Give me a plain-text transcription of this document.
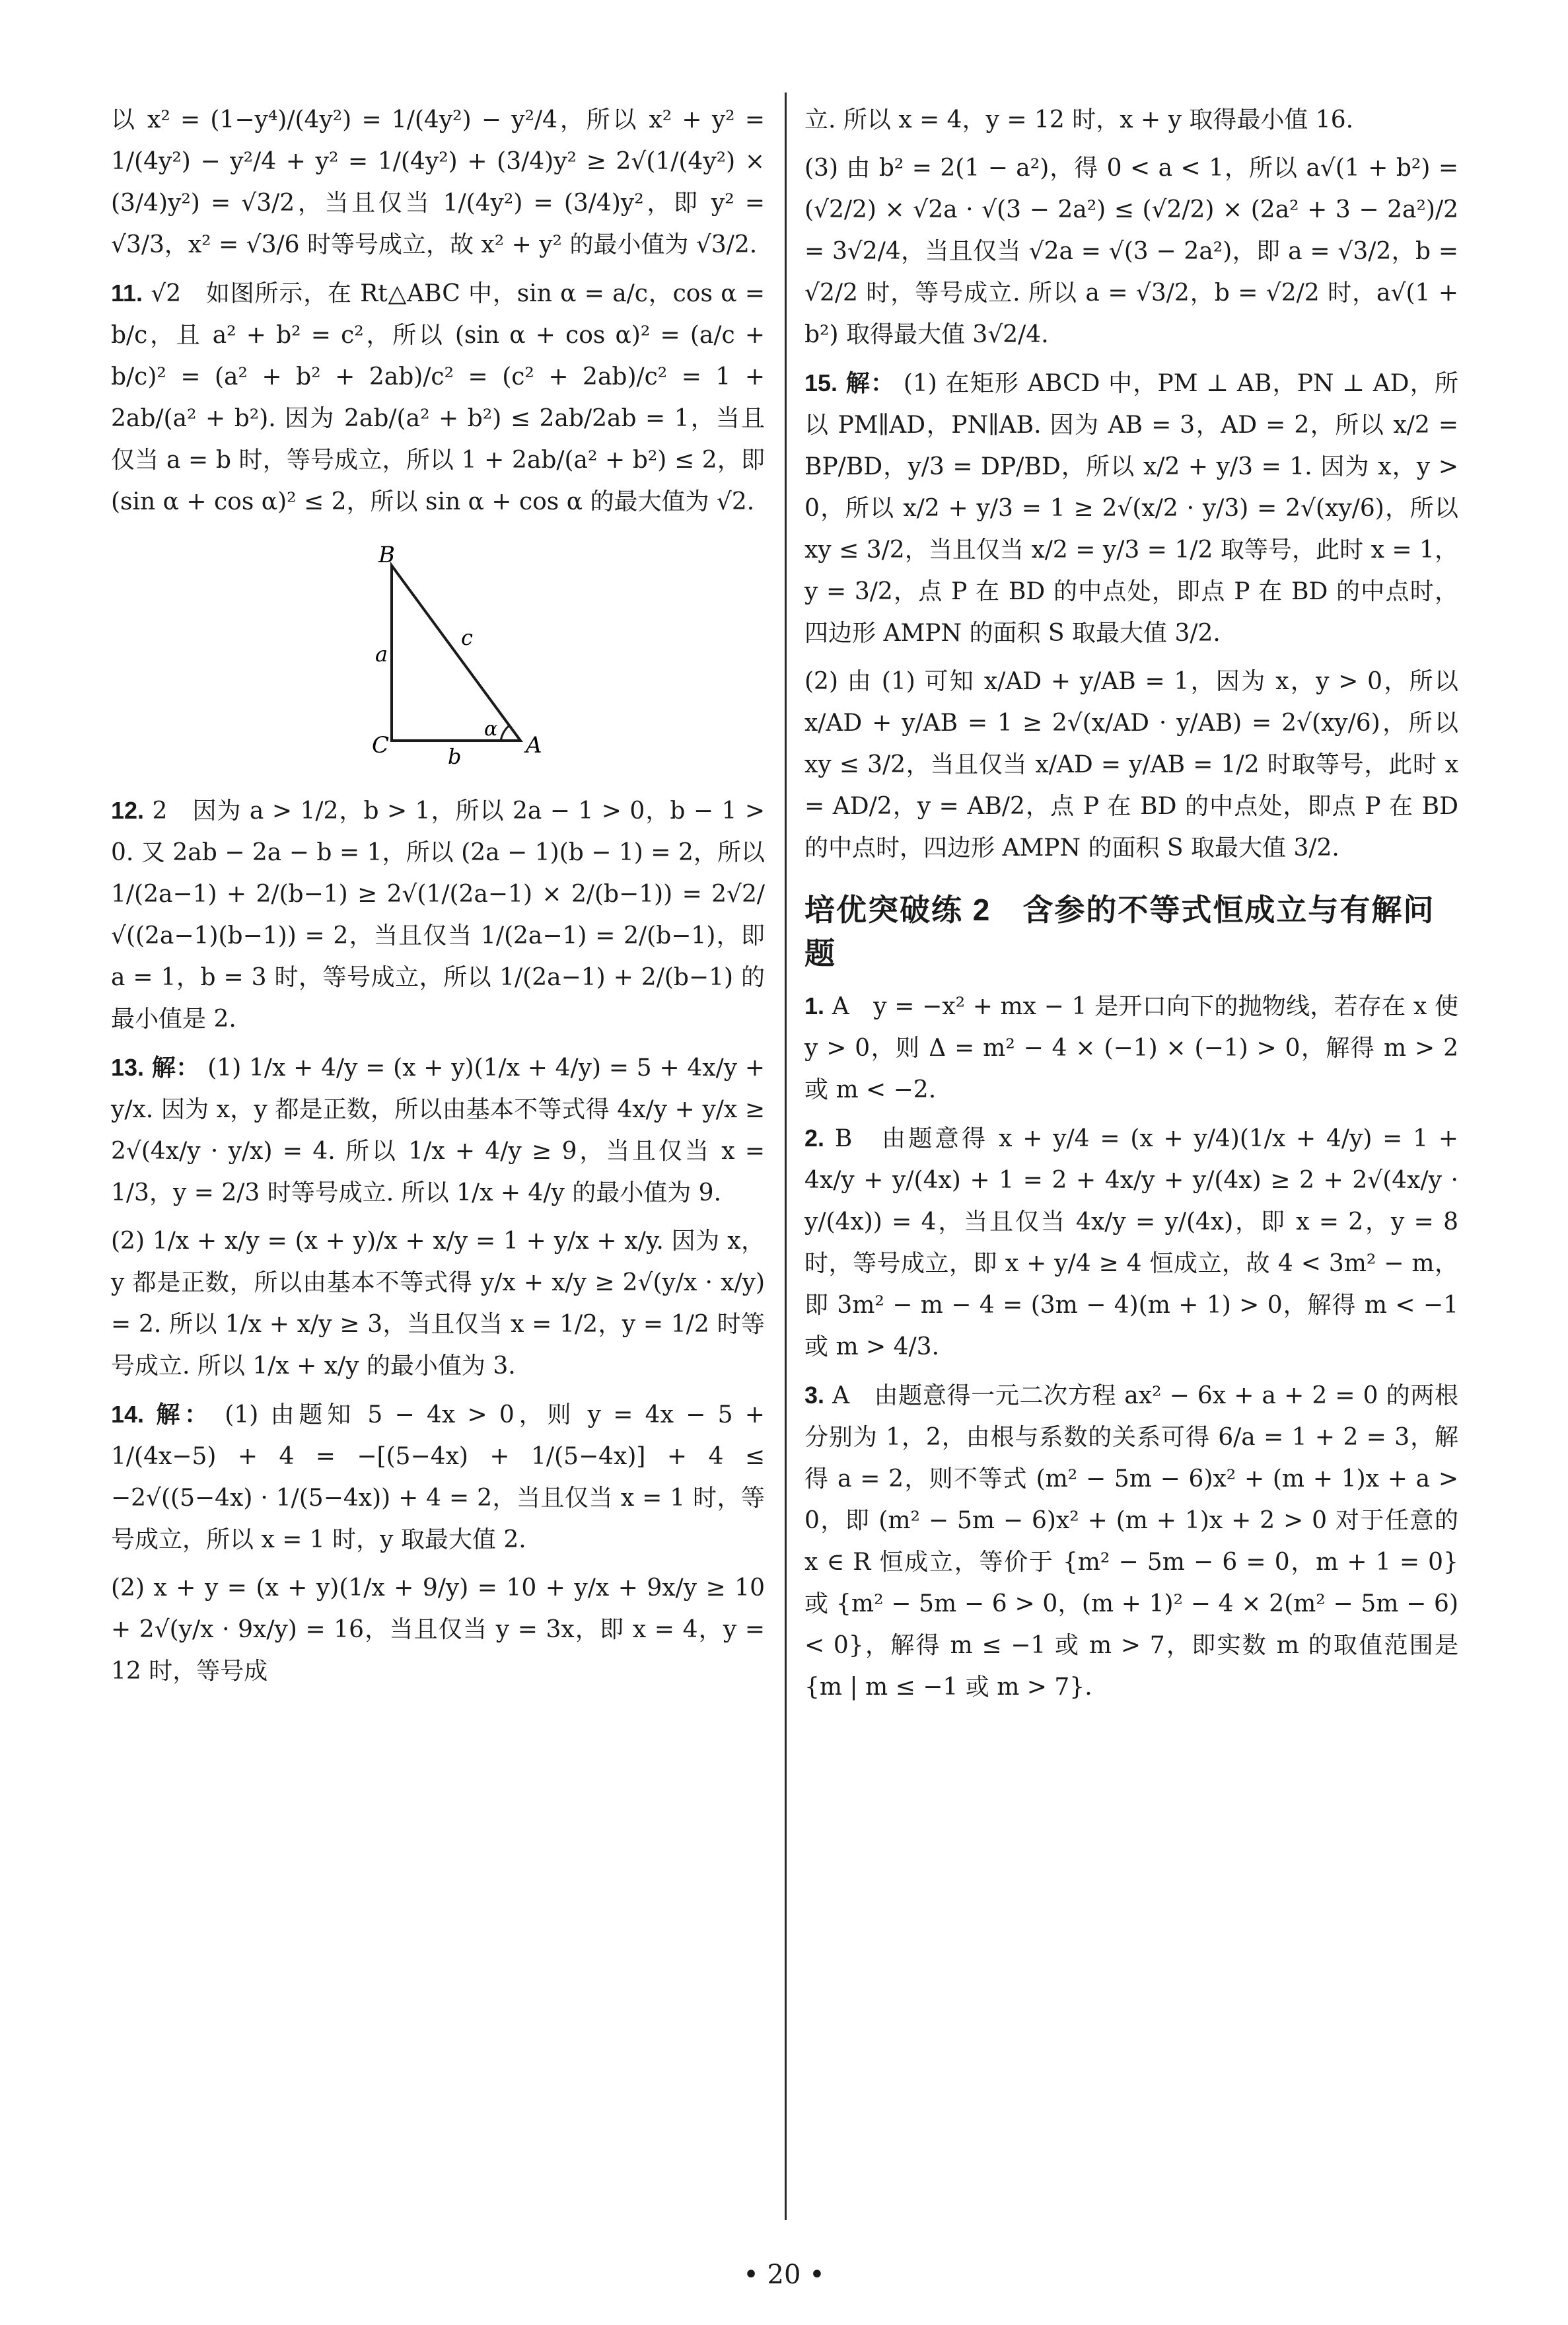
以 x² = (1−y⁴)/(4y²) = 1/(4y²) − y²/4，所以 x² + y² = 1/(4y²) − y²/4 + y² = 1/(4y²) + (3/4)y² ≥ 2√(1/(4y²) × (3/4)y²) = √3/2，当且仅当 1/(4y²) = (3/4)y²，即 y² = √3/3，x² = √3/6 时等号成立，故 x² + y² 的最小值为 √3/2.

11. √2　如图所示，在 Rt△ABC 中，sin α = a/c，cos α = b/c，且 a² + b² = c²，所以 (sin α + cos α)² = (a/c + b/c)² = (a² + b² + 2ab)/c² = (c² + 2ab)/c² = 1 + 2ab/(a² + b²). 因为 2ab/(a² + b²) ≤ 2ab/2ab = 1，当且仅当 a = b 时，等号成立，所以 1 + 2ab/(a² + b²) ≤ 2，即 (sin α + cos α)² ≤ 2，所以 sin α + cos α 的最大值为 √2.

B
C	A
a
b
c
α

12. 2　因为 a > 1/2，b > 1，所以 2a − 1 > 0，b − 1 > 0. 又 2ab − 2a − b = 1，所以 (2a − 1)(b − 1) = 2，所以 1/(2a−1) + 2/(b−1) ≥ 2√(1/(2a−1) × 2/(b−1)) = 2√2/√((2a−1)(b−1)) = 2，当且仅当 1/(2a−1) = 2/(b−1)，即 a = 1，b = 3 时，等号成立，所以 1/(2a−1) + 2/(b−1) 的最小值是 2.

13. 解： (1) 1/x + 4/y = (x + y)(1/x + 4/y) = 5 + 4x/y + y/x. 因为 x，y 都是正数，所以由基本不等式得 4x/y + y/x ≥ 2√(4x/y · y/x) = 4. 所以 1/x + 4/y ≥ 9，当且仅当 x = 1/3，y = 2/3 时等号成立. 所以 1/x + 4/y 的最小值为 9.

(2) 1/x + x/y = (x + y)/x + x/y = 1 + y/x + x/y. 因为 x，y 都是正数，所以由基本不等式得 y/x + x/y ≥ 2√(y/x · x/y) = 2. 所以 1/x + x/y ≥ 3，当且仅当 x = 1/2，y = 1/2 时等号成立. 所以 1/x + x/y 的最小值为 3.

14. 解： (1) 由题知 5 − 4x > 0，则 y = 4x − 5 + 1/(4x−5) + 4 = −[(5−4x) + 1/(5−4x)] + 4 ≤ −2√((5−4x) · 1/(5−4x)) + 4 = 2，当且仅当 x = 1 时，等号成立，所以 x = 1 时，y 取最大值 2.

(2) x + y = (x + y)(1/x + 9/y) = 10 + y/x + 9x/y ≥ 10 + 2√(y/x · 9x/y) = 16，当且仅当 y = 3x，即 x = 4，y = 12 时，等号成

立. 所以 x = 4，y = 12 时，x + y 取得最小值 16.

(3) 由 b² = 2(1 − a²)，得 0 < a < 1，所以 a√(1 + b²) = (√2/2) × √2a · √(3 − 2a²) ≤ (√2/2) × (2a² + 3 − 2a²)/2 = 3√2/4，当且仅当 √2a = √(3 − 2a²)，即 a = √3/2，b = √2/2 时，等号成立. 所以 a = √3/2，b = √2/2 时，a√(1 + b²) 取得最大值 3√2/4.

15. 解： (1) 在矩形 ABCD 中，PM ⊥ AB，PN ⊥ AD，所以 PM∥AD，PN∥AB. 因为 AB = 3，AD = 2，所以 x/2 = BP/BD，y/3 = DP/BD，所以 x/2 + y/3 = 1. 因为 x，y > 0，所以 x/2 + y/3 = 1 ≥ 2√(x/2 · y/3) = 2√(xy/6)，所以 xy ≤ 3/2，当且仅当 x/2 = y/3 = 1/2 取等号，此时 x = 1，y = 3/2，点 P 在 BD 的中点处，即点 P 在 BD 的中点时，四边形 AMPN 的面积 S 取最大值 3/2.

(2) 由 (1) 可知 x/AD + y/AB = 1，因为 x，y > 0，所以 x/AD + y/AB = 1 ≥ 2√(x/AD · y/AB) = 2√(xy/6)，所以 xy ≤ 3/2，当且仅当 x/AD = y/AB = 1/2 时取等号，此时 x = AD/2，y = AB/2，点 P 在 BD 的中点处，即点 P 在 BD 的中点时，四边形 AMPN 的面积 S 取最大值 3/2.

培优突破练 2　含参的不等式恒成立与有解问题

1. A　y = −x² + mx − 1 是开口向下的抛物线，若存在 x 使 y > 0，则 Δ = m² − 4 × (−1) × (−1) > 0，解得 m > 2 或 m < −2.

2. B　由题意得 x + y/4 = (x + y/4)(1/x + 4/y) = 1 + 4x/y + y/(4x) + 1 = 2 + 4x/y + y/(4x) ≥ 2 + 2√(4x/y · y/(4x)) = 4，当且仅当 4x/y = y/(4x)，即 x = 2，y = 8 时，等号成立，即 x + y/4 ≥ 4 恒成立，故 4 < 3m² − m，即 3m² − m − 4 = (3m − 4)(m + 1) > 0，解得 m < −1 或 m > 4/3.

3. A　由题意得一元二次方程 ax² − 6x + a + 2 = 0 的两根分别为 1，2，由根与系数的关系可得 6/a = 1 + 2 = 3，解得 a = 2，则不等式 (m² − 5m − 6)x² + (m + 1)x + a > 0，即 (m² − 5m − 6)x² + (m + 1)x + 2 > 0 对于任意的 x ∈ R 恒成立，等价于 {m² − 5m − 6 = 0，m + 1 = 0} 或 {m² − 5m − 6 > 0，(m + 1)² − 4 × 2(m² − 5m − 6) < 0}，解得 m ≤ −1 或 m > 7，即实数 m 的取值范围是 {m | m ≤ −1 或 m > 7}.

• 20 •
